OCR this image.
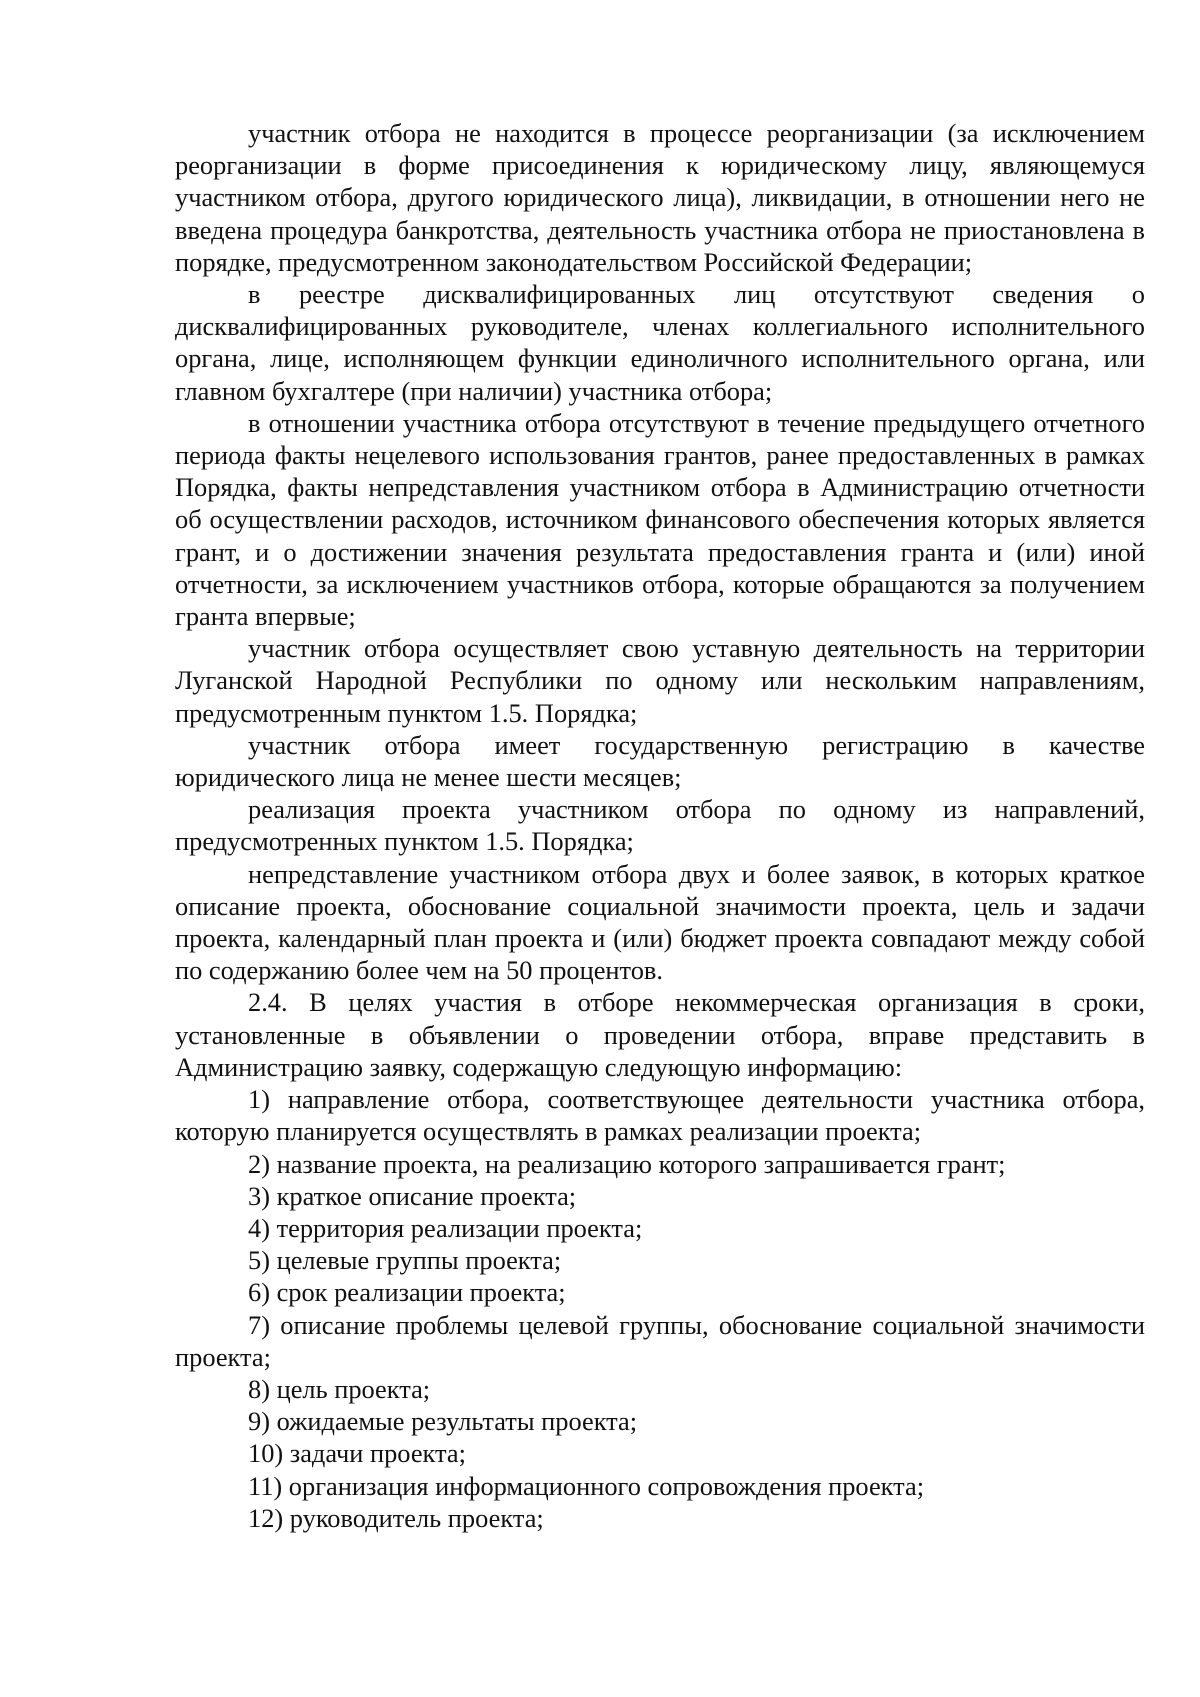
участник отбора не находится в процессе реорганизации (за исключением реорганизации в форме присоединения к юридическому лицу, являющемуся участником отбора, другого юридического лица), ликвидации, в отношении него не введена процедура банкротства, деятельность участника отбора не приостановлена в порядке, предусмотренном законодательством Российской Федерации;

в реестре дисквалифицированных лиц отсутствуют сведения о дисквалифицированных руководителе, членах коллегиального исполнительного органа, лице, исполняющем функции единоличного исполнительного органа, или главном бухгалтере (при наличии) участника отбора;

в отношении участника отбора отсутствуют в течение предыдущего отчетного периода факты нецелевого использования грантов, ранее предоставленных в рамках Порядка, факты непредставления участником отбора в Администрацию отчетности об осуществлении расходов, источником финансового обеспечения которых является грант, и о достижении значения результата предоставления гранта и (или) иной отчетности, за исключением участников отбора, которые обращаются за получением гранта впервые;

участник отбора осуществляет свою уставную деятельность на территории Луганской Народной Республики по одному или нескольким направлениям, предусмотренным пунктом 1.5. Порядка;

участник отбора имеет государственную регистрацию в качестве юридического лица не менее шести месяцев;

реализация проекта участником отбора по одному из направлений, предусмотренных пунктом 1.5. Порядка;

непредставление участником отбора двух и более заявок, в которых краткое описание проекта, обоснование социальной значимости проекта, цель и задачи проекта, календарный план проекта и (или) бюджет проекта совпадают между собой по содержанию более чем на 50 процентов.

2.4. В целях участия в отборе некоммерческая организация в сроки, установленные в объявлении о проведении отбора, вправе представить в Администрацию заявку, содержащую следующую информацию:

1) направление отбора, соответствующее деятельности участника отбора, которую планируется осуществлять в рамках реализации проекта;

2) название проекта, на реализацию которого запрашивается грант;

3) краткое описание проекта;

4) территория реализации проекта;

5) целевые группы проекта;

6) срок реализации проекта;

7) описание проблемы целевой группы, обоснование социальной значимости проекта;

8) цель проекта;

9) ожидаемые результаты проекта;

10) задачи проекта;

11) организация информационного сопровождения проекта;

12) руководитель проекта;
